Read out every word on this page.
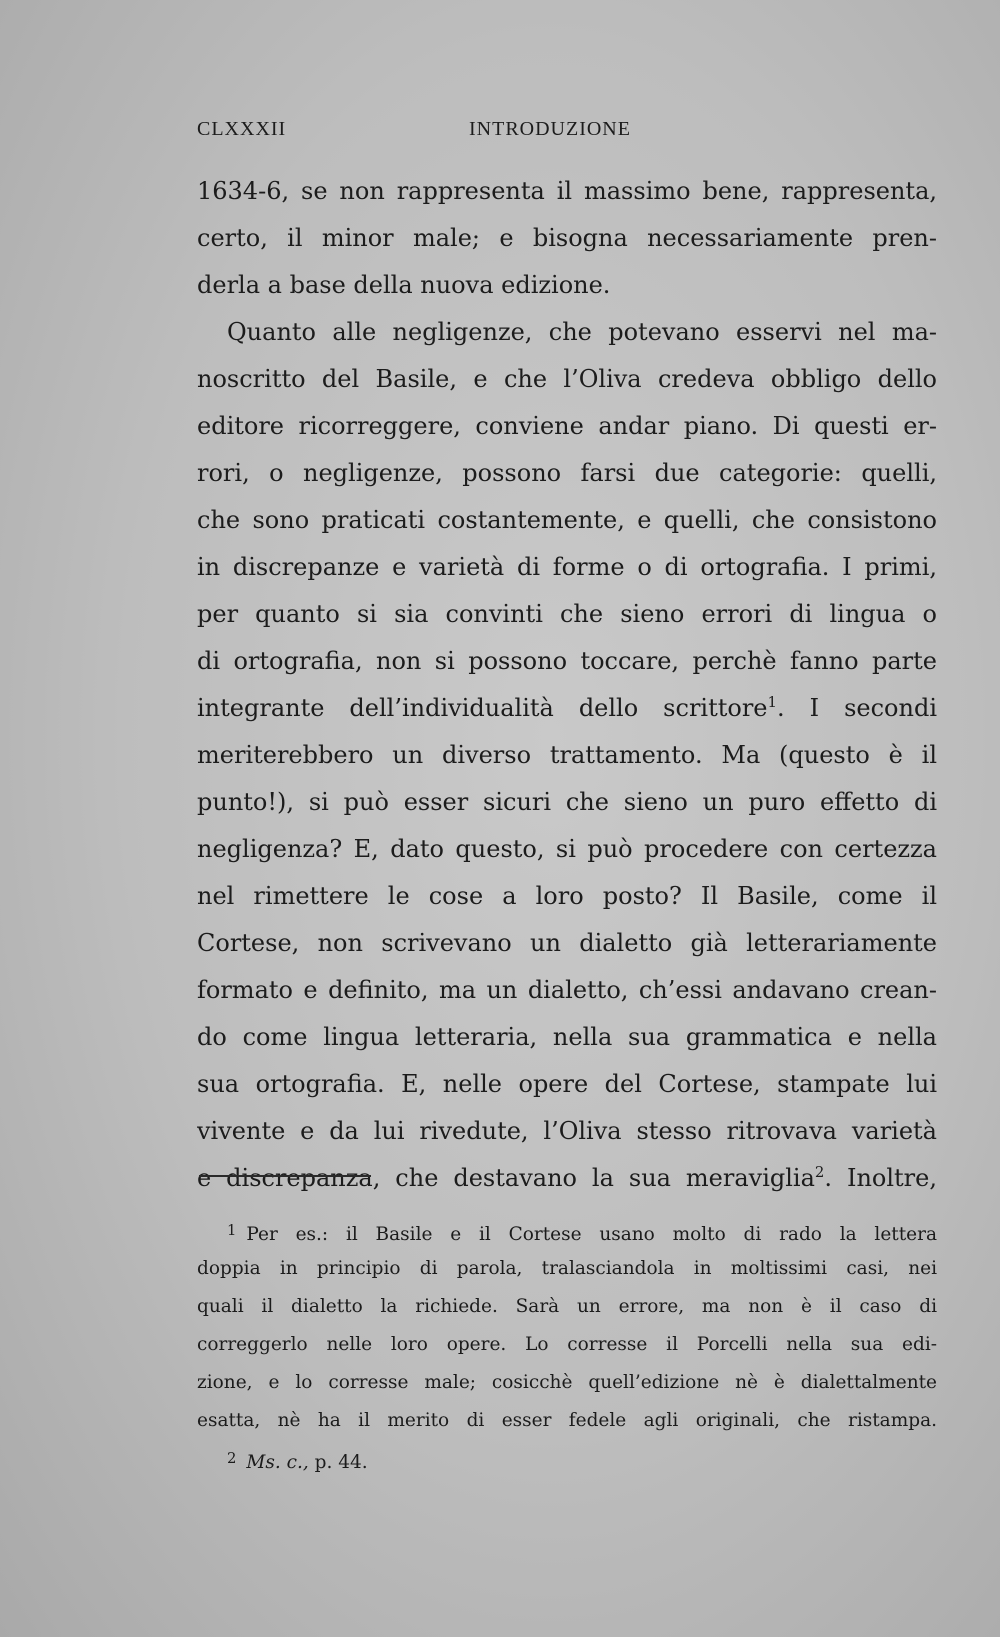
CLXXXII	INTRODUZIONE
1634-6, se non rappresenta il massimo bene, rappresenta,
certo, il minor male; e bisogna necessariamente pren-
derla a base della nuova edizione.
Quanto alle negligenze, che potevano esservi nel ma-
noscritto del Basile, e che l’Oliva credeva obbligo dello
editore ricorreggere, conviene andar piano. Di questi er-
rori, o negligenze, possono farsi due categorie: quelli,
che sono praticati costantemente, e quelli, che consistono
in discrepanze e varietà di forme o di ortografia. I primi,
per quanto si sia convinti che sieno errori di lingua o
di ortografia, non si possono toccare, perchè fanno parte
integrante dell’individualità dello scrittore$^1$. I secondi
meriterebbero un diverso trattamento. Ma (questo è il
punto!), si può esser sicuri che sieno un puro effetto di
negligenza? E, dato questo, si può procedere con certezza
nel rimettere le cose a loro posto? Il Basile, come il
Cortese, non scrivevano un dialetto già letterariamente
formato e definito, ma un dialetto, ch’essi andavano crean-
do come lingua letteraria, nella sua grammatica e nella
sua ortografia. E, nelle opere del Cortese, stampate lui
vivente e da lui rivedute, l’Oliva stesso ritrovava varietà
e discrepanza, che destavano la sua meraviglia$^2$. Inoltre,
$^1$ Per es.: il Basile e il Cortese usano molto di rado la lettera
doppia in principio di parola, tralasciandola in moltissimi casi, nei
quali il dialetto la richiede. Sarà un errore, ma non è il caso di
correggerlo nelle loro opere. Lo corresse il Porcelli nella sua edi-
zione, e lo corresse male; cosicchè quell’edizione nè è dialettalmente
esatta, nè ha il merito di esser fedele agli originali, che ristampa.
$^2$ Ms. c., p. 44.
